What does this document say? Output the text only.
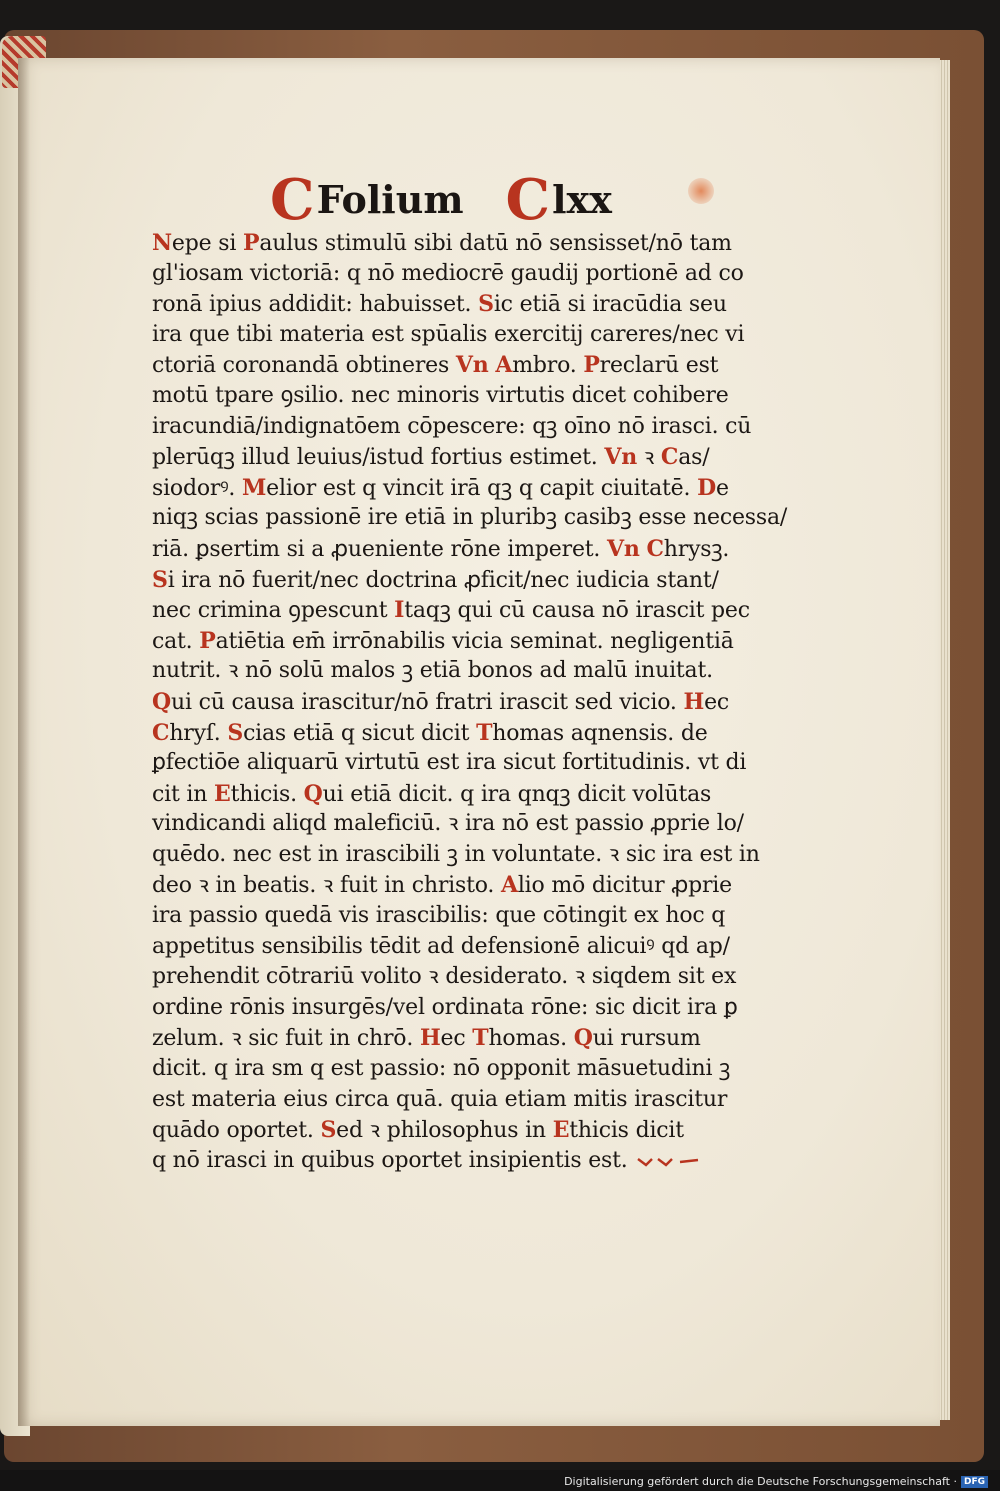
CFolium Clxx
Nepe si Paulus stimulū sibi datū nō sensisset/nō tam
gl'iosam victoriā: q nō mediocrē gaudij portionē ad co
ronā ipius addidit: habuisset. Sic etiā si iracūdia seu
ira que tibi materia est spūalis exercitij careres/nec vi
ctoriā coronandā obtineres Vn Ambro. Preclarū est
motū tpare ꝯsilio. nec minoris virtutis dicet cohibere
iracundiā/indignatōem cōpescere: qꝫ oīno nō irasci. cū
plerūqꝫ illud leuius/istud fortius estimet. Vn ꝛ Cas/
siodorꝰ. Melior est q vincit irā qꝫ q capit ciuitatē. De
niqꝫ scias passionē ire etiā in pluribꝫ casibꝫ esse necessa/
riā. ꝑsertim si a ꝓueniente rōne imperet. Vn Chrysꝫ.
Si ira nō fuerit/nec doctrina ꝓficit/nec iudicia stant/
nec crimina ꝯpescunt Itaqꝫ qui cū causa nō irascit pec
cat. Patiētia em̄ irrōnabilis vicia seminat. negligentiā
nutrit. ꝛ nō solū malos ꝫ etiā bonos ad malū inuitat.
Qui cū causa irascitur/nō fratri irascit sed vicio. Hec
Chryſ. Scias etiā q sicut dicit Thomas aqnensis. de
ꝑfectiōe aliquarū virtutū est ira sicut fortitudinis. vt di
cit in Ethicis. Qui etiā dicit. q ira qnqꝫ dicit volūtas
vindicandi aliqd maleficiū. ꝛ ira nō est passio ꝓprie lo/
quēdo. nec est in irascibili ꝫ in voluntate. ꝛ sic ira est in
deo ꝛ in beatis. ꝛ fuit in christo. Alio mō dicitur ꝓprie
ira passio quedā vis irascibilis: que cōtingit ex hoc q
appetitus sensibilis tēdit ad defensionē alicuiꝰ qd ap/
prehendit cōtrariū volito ꝛ desiderato. ꝛ siqdem sit ex
ordine rōnis insurgēs/vel ordinata rōne: sic dicit ira ꝑ
zelum. ꝛ sic fuit in chrō. Hec Thomas. Qui rursum
dicit. q ira sm q est passio: nō opponit māsuetudini ꝫ
est materia eius circa quā. quia etiam mitis irascitur
quādo oportet. Sed ꝛ philosophus in Ethicis dicit
q nō irasci in quibus oportet insipientis est.
Digitalisierung gefördert durch die Deutsche Forschungsgemeinschaft · DFG
